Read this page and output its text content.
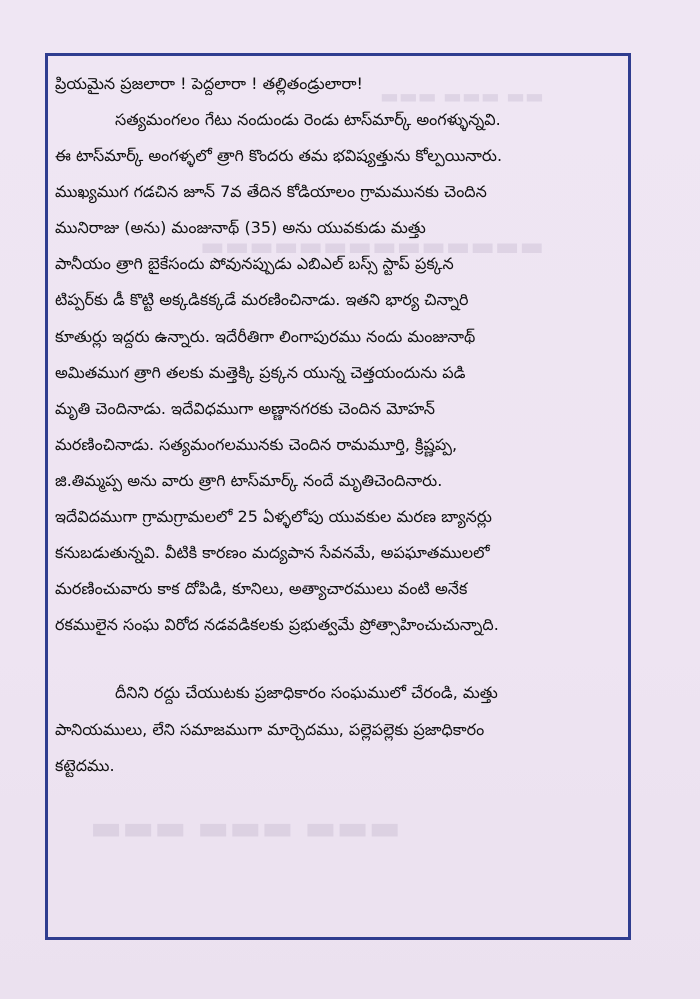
ప్రియమైన ప్రజలారా ! పెద్దలారా ! తల్లితండ్రులారా!
సత్యమంగలం గేటు నందుండు రెండు టాస్‌మార్క్ అంగళ్ళున్నవి.
ఈ టాస్‌మార్క్ అంగళ్ళలో త్రాగి కొందరు తమ భవిష్యత్తును కోల్పయినారు.
ముఖ్యముగ గడచిన జూన్ 7వ తేదిన కోడియాలం గ్రామమునకు చెందిన
మునిరాజు (అను) మంజునాథ్ (35) అను యువకుడు మత్తు
పానీయం త్రాగి బైకేసందు పోవునప్పుడు ఎబిఎల్ బస్స్ స్టాప్ ప్రక్కన
టిప్పర్‌కు డీ కొట్టి అక్కడికక్కడే మరణించినాడు. ఇతని భార్య చిన్నారి
కూతుర్లు ఇద్దరు ఉన్నారు. ఇదేరీతిగా లింగాపురము నందు మంజునాథ్
అమితముగ త్రాగి తలకు మత్తెక్కి ప్రక్కన యున్న చెత్తయందును పడి
మృతి చెందినాడు. ఇదేవిధముగా అణ్ణానగరకు చెందిన మోహన్
మరణించినాడు. సత్యమంగలమునకు చెందిన రామమూర్తి, క్రిష్ణప్ప,
జి.తిమ్మప్ప అను వారు త్రాగి టాస్‌మార్క్ నందే మృతిచెందినారు.
ఇదేవిదముగా గ్రామగ్రామలలో 25 ఏళ్ళలోపు యువకుల మరణ బ్యానర్లు
కనుబడుతున్నవి. వీటికి కారణం మద్యపాన సేవనమే, అపఘాతములలో
మరణించువారు కాక దోపిడి, కూనిలు, అత్యాచారములు వంటి అనేక
రకములైన సంఘ విరోద నడవడికలకు ప్రభుత్వమే ప్రోత్సాహించుచున్నాది.
దీనిని రద్దు చేయుటకు ప్రజాధికారం సంఘములో చేరండి, మత్తు
పానియములు, లేని సమాజముగా మార్చెదము, పల్లెపల్లెకు ప్రజాధికారం
కట్టెదము.
